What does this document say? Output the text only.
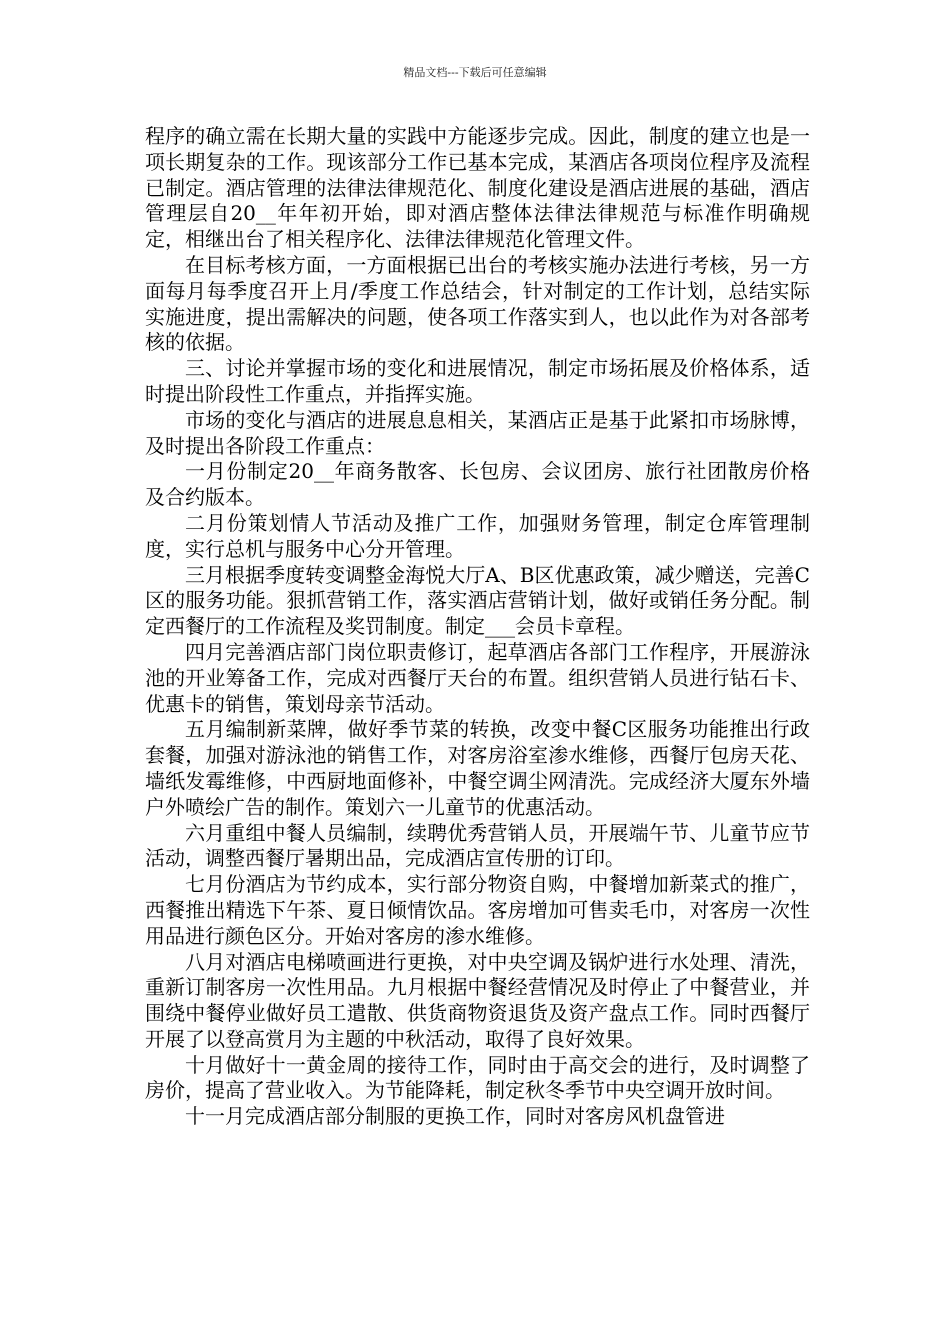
精品文档---下载后可任意编辑

程序的确立需在长期大量的实践中方能逐步完成。因此，制度的建立也是一项长期复杂的工作。现该部分工作已基本完成，某酒店各项岗位程序及流程已制定。酒店管理的法律法律规范化、制度化建设是酒店进展的基础，酒店管理层自20__年年初开始，即对酒店整体法律法律规范与标准作明确规定，相继出台了相关程序化、法律法律规范化管理文件。

在目标考核方面，一方面根据已出台的考核实施办法进行考核，另一方面每月每季度召开上月/季度工作总结会，针对制定的工作计划，总结实际实施进度，提出需解决的问题，使各项工作落实到人，也以此作为对各部考核的依据。

三、讨论并掌握市场的变化和进展情况，制定市场拓展及价格体系，适时提出阶段性工作重点，并指挥实施。

市场的变化与酒店的进展息息相关，某酒店正是基于此紧扣市场脉博，及时提出各阶段工作重点：

一月份制定20__年商务散客、长包房、会议团房、旅行社团散房价格及合约版本。

二月份策划情人节活动及推广工作，加强财务管理，制定仓库管理制度，实行总机与服务中心分开管理。

三月根据季度转变调整金海悦大厅A、B区优惠政策，减少赠送，完善C区的服务功能。狠抓营销工作，落实酒店营销计划，做好或销任务分配。制定西餐厅的工作流程及奖罚制度。制定___会员卡章程。

四月完善酒店部门岗位职责修订，起草酒店各部门工作程序，开展游泳池的开业筹备工作，完成对西餐厅天台的布置。组织营销人员进行钻石卡、优惠卡的销售，策划母亲节活动。

五月编制新菜牌，做好季节菜的转换，改变中餐C区服务功能推出行政套餐，加强对游泳池的销售工作，对客房浴室渗水维修，西餐厅包房天花、墙纸发霉维修，中西厨地面修补，中餐空调尘网清洗。完成经济大厦东外墙户外喷绘广告的制作。策划六一儿童节的优惠活动。

六月重组中餐人员编制，续聘优秀营销人员，开展端午节、儿童节应节活动，调整西餐厅暑期出品，完成酒店宣传册的订印。

七月份酒店为节约成本，实行部分物资自购，中餐增加新菜式的推广，西餐推出精选下午茶、夏日倾情饮品。客房增加可售卖毛巾，对客房一次性用品进行颜色区分。开始对客房的渗水维修。

八月对酒店电梯喷画进行更换，对中央空调及锅炉进行水处理、清洗，重新订制客房一次性用品。九月根据中餐经营情况及时停止了中餐营业，并围绕中餐停业做好员工遣散、供货商物资退货及资产盘点工作。同时西餐厅开展了以登高赏月为主题的中秋活动，取得了良好效果。

十月做好十一黄金周的接待工作，同时由于高交会的进行，及时调整了房价，提高了营业收入。为节能降耗，制定秋冬季节中央空调开放时间。

十一月完成酒店部分制服的更换工作，同时对客房风机盘管进
